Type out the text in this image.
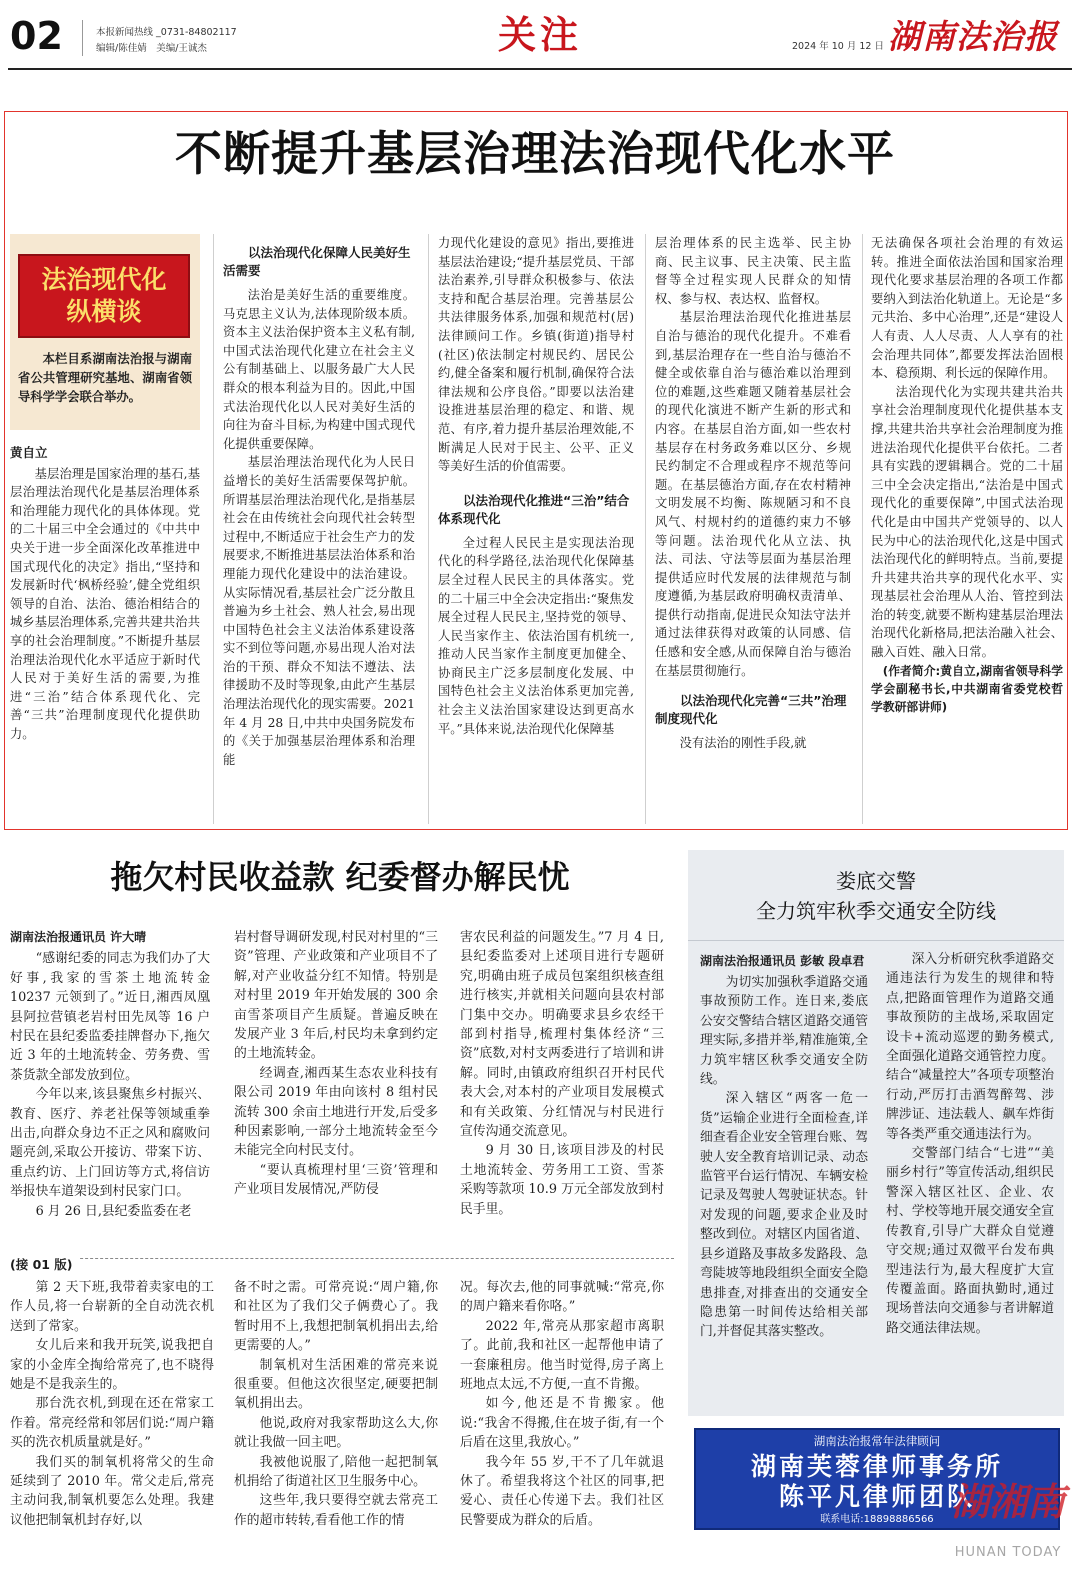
02	本报新闻热线 _0731-84802117
编辑/陈佳婧　美编/王诚杰	关注	2024 年 10 月 12 日 湖南法治报
不断提升基层治理法治现代化水平
法治现代化纵横谈
本栏目系湖南法治报与湖南省公共管理研究基地、湖南省领导科学学会联合举办。

黄自立

基层治理是国家治理的基石,基层治理法治现代化是基层治理体系和治理能力现代化的具体体现。党的二十届三中全会通过的《中共中央关于进一步全面深化改革推进中国式现代化的决定》指出,“坚持和发展新时代‘枫桥经验’,健全党组织领导的自治、法治、德治相结合的城乡基层治理体系,完善共建共治共享的社会治理制度。”不断提升基层治理法治现代化水平适应于新时代人民对于美好生活的需要,为推进“三治”结合体系现代化、完善“三共”治理制度现代化提供助力。

以法治现代化保障人民美好生活需要

法治是美好生活的重要维度。马克思主义认为,法体现阶级本质。资本主义法治保护资本主义私有制,中国式法治现代化建立在社会主义公有制基础上、以服务最广大人民群众的根本利益为目的。因此,中国式法治现代化以人民对美好生活的向往为奋斗目标,为构建中国式现代化提供重要保障。

基层治理法治现代化为人民日益增长的美好生活需要保驾护航。所谓基层治理法治现代化,是指基层社会在由传统社会向现代社会转型过程中,不断适应于社会生产力的发展要求,不断推进基层法治体系和治理能力现代化建设中的法治建设。从实际情况看,基层社会广泛分散且普遍为乡土社会、熟人社会,易出现中国特色社会主义法治体系建设落实不到位等问题,亦易出现人治对法治的干预、群众不知法不遵法、法律援助不及时等现象,由此产生基层治理法治现代化的现实需要。2021 年 4 月 28 日,中共中央国务院发布的《关于加强基层治理体系和治理能

力现代化建设的意见》指出,要推进基层法治建设;“提升基层党员、干部法治素养,引导群众积极参与、依法支持和配合基层治理。完善基层公共法律服务体系,加强和规范村(居)法律顾问工作。乡镇(街道)指导村(社区)依法制定村规民约、居民公约,健全备案和履行机制,确保符合法律法规和公序良俗。”即要以法治建设推进基层治理的稳定、和谐、规范、有序,着力提升基层治理效能,不断满足人民对于民主、公平、正义等美好生活的价值需要。

以法治现代化推进“三治”结合体系现代化

全过程人民民主是实现法治现代化的科学路径,法治现代化保障基层全过程人民民主的具体落实。党的二十届三中全会决定指出:“聚焦发展全过程人民民主,坚持党的领导、人民当家作主、依法治国有机统一,推动人民当家作主制度更加健全、协商民主广泛多层制度化发展、中国特色社会主义法治体系更加完善,社会主义法治国家建设达到更高水平。”具体来说,法治现代化保障基

层治理体系的民主选举、民主协商、民主议事、民主决策、民主监督等全过程实现人民群众的知情权、参与权、表达权、监督权。

基层治理法治现代化推进基层自治与德治的现代化提升。不难看到,基层治理存在一些自治与德治不健全或依靠自治与德治难以治理到位的难题,这些难题又随着基层社会的现代化演进不断产生新的形式和内容。在基层自治方面,如一些农村基层存在村务政务难以区分、乡规民约制定不合理或程序不规范等问题。在基层德治方面,存在农村精神文明发展不均衡、陈规陋习和不良风气、村规村约的道德约束力不够等问题。法治现代化从立法、执法、司法、守法等层面为基层治理提供适应时代发展的法律规范与制度遵循,为基层政府明确权责清单、提供行动指南,促进民众知法守法并通过法律获得对政策的认同感、信任感和安全感,从而保障自治与德治在基层贯彻施行。

以法治现代化完善“三共”治理制度现代化

没有法治的刚性手段,就

无法确保各项社会治理的有效运转。推进全面依法治国和国家治理现代化要求基层治理的各项工作都要纳入到法治化轨道上。无论是“多元共治、多中心治理”,还是“建设人人有责、人人尽责、人人享有的社会治理共同体”,都要发挥法治固根本、稳预期、利长远的保障作用。

法治现代化为实现共建共治共享社会治理制度现代化提供基本支撑,共建共治共享社会治理制度为推进法治现代化提供平台依托。二者具有实践的逻辑耦合。党的二十届三中全会决定指出,“法治是中国式现代化的重要保障”,中国式法治现代化是由中国共产党领导的、以人民为中心的法治现代化,这是中国式法治现代化的鲜明特点。当前,要提升共建共治共享的现代化水平、实现基层社会治理从人治、管控到法治的转变,就要不断构建基层治理法治现代化新格局,把法治融入社会、融入百姓、融入日常。

(作者简介:黄自立,湖南省领导科学学会副秘书长,中共湖南省委党校哲学教研部讲师)

拖欠村民收益款 纪委督办解民忧

湖南法治报通讯员 许大晴

“感谢纪委的同志为我们办了大好事,我家的雪茶土地流转金 10237 元领到了。”近日,湘西凤凰县阿拉营镇老岩村田先凤等 16 户村民在县纪委监委挂牌督办下,拖欠近 3 年的土地流转金、劳务费、雪茶货款全部发放到位。

今年以来,该县聚焦乡村振兴、教育、医疗、养老社保等领域重拳出击,向群众身边不正之风和腐败问题亮剑,采取公开接访、带案下访、重点约访、上门回访等方式,将信访举报快车道架设到村民家门口。

6 月 26 日,县纪委监委在老

岩村督导调研发现,村民对村里的“三资”管理、产业政策和产业项目不了解,对产业收益分红不知情。特别是对村里 2019 年开始发展的 300 余亩雪茶项目产生质疑。普遍反映在发展产业 3 年后,村民均未拿到约定的土地流转金。

经调查,湘西某生态农业科技有限公司 2019 年由向该村 8 组村民流转 300 余亩土地进行开发,后受多种因素影响,一部分土地流转金至今未能完全向村民支付。

“要认真梳理村里‘三资’管理和产业项目发展情况,严防侵

害农民利益的问题发生。”7 月 4 日,县纪委监委对上述项目进行专题研究,明确由班子成员包案组织核查组进行核实,并就相关问题向县农村部门集中交办。明确要求县乡农经干部到村指导,梳理村集体经济“三资”底数,对村支两委进行了培训和讲解。同时,由镇政府组织召开村民代表大会,对本村的产业项目发展模式和有关政策、分红情况与村民进行宣传沟通交流意见。

9 月 30 日,该项目涉及的村民土地流转金、劳务用工工资、雪茶采购等款项 10.9 万元全部发放到村民手里。

(接 01 版)

第 2 天下班,我带着卖家电的工作人员,将一台崭新的全自动洗衣机送到了常家。

女儿后来和我开玩笑,说我把自家的小金库全掏给常亮了,也不晓得她是不是我亲生的。

那台洗衣机,到现在还在常家工作着。常亮经常和邻居们说:“周户籍买的洗衣机质量就是好。”

我们买的制氧机将常父的生命延续到了 2010 年。常父走后,常亮主动问我,制氧机要怎么处理。我建议他把制氧机封存好,以

备不时之需。可常亮说:“周户籍,你和社区为了我们父子俩费心了。我暂时用不上,我想把制氧机捐出去,给更需要的人。”

制氧机对生活困难的常亮来说很重要。但他这次很坚定,硬要把制氧机捐出去。

他说,政府对我家帮助这么大,你就让我做一回主吧。

我被他说服了,陪他一起把制氧机捐给了街道社区卫生服务中心。

这些年,我只要得空就去常亮工作的超市转转,看看他工作的情

况。每次去,他的同事就喊:“常亮,你的周户籍来看你咯。”

2022 年,常亮从那家超市离职了。此前,我和社区一起帮他申请了一套廉租房。他当时觉得,房子离上班地点太远,不方便,一直不肯搬。

如今,他还是不肯搬家。他说:“我舍不得搬,住在坡子街,有一个后盾在这里,我放心。”

我今年 55 岁,干不了几年就退休了。希望我将这个社区的同事,把爱心、责任心传递下去。我们社区民警要成为群众的后盾。

娄底交警
全力筑牢秋季交通安全防线

湖南法治报通讯员 彭敏 段卓君

为切实加强秋季道路交通事故预防工作。连日来,娄底公安交警结合辖区道路交通管理实际,多措并举,精准施策,全力筑牢辖区秋季交通安全防线。

深入辖区“两客一危一货”运输企业进行全面检查,详细查看企业安全管理台账、驾驶人安全教育培训记录、动态监管平台运行情况、车辆安检记录及驾驶人驾驶证状态。针对发现的问题,要求企业及时整改到位。对辖区内国省道、县乡道路及事故多发路段、急弯陡坡等地段组织全面安全隐患排查,对排查出的交通安全隐患第一时间传达给相关部门,并督促其落实整改。

深入分析研究秋季道路交通违法行为发生的规律和特点,把路面管理作为道路交通事故预防的主战场,采取固定设卡+流动巡逻的勤务模式,全面强化道路交通管控力度。结合“减量控大”各项专项整治行动,严厉打击酒驾醉驾、涉牌涉证、违法载人、飙车炸街等各类严重交通违法行为。

交警部门结合“七进”“美丽乡村行”等宣传活动,组织民警深入辖区社区、企业、农村、学校等地开展交通安全宣传教育,引导广大群众自觉遵守交规;通过双微平台发布典型违法行为,最大程度扩大宣传覆盖面。路面执勤时,通过现场普法向交通参与者讲解道路交通法律法规。

湖南法治报常年法律顾问
湖南芙蓉律师事务所
陈平凡律师团队
联系电话:18898886566 湖湘南
HUNAN TODAY
